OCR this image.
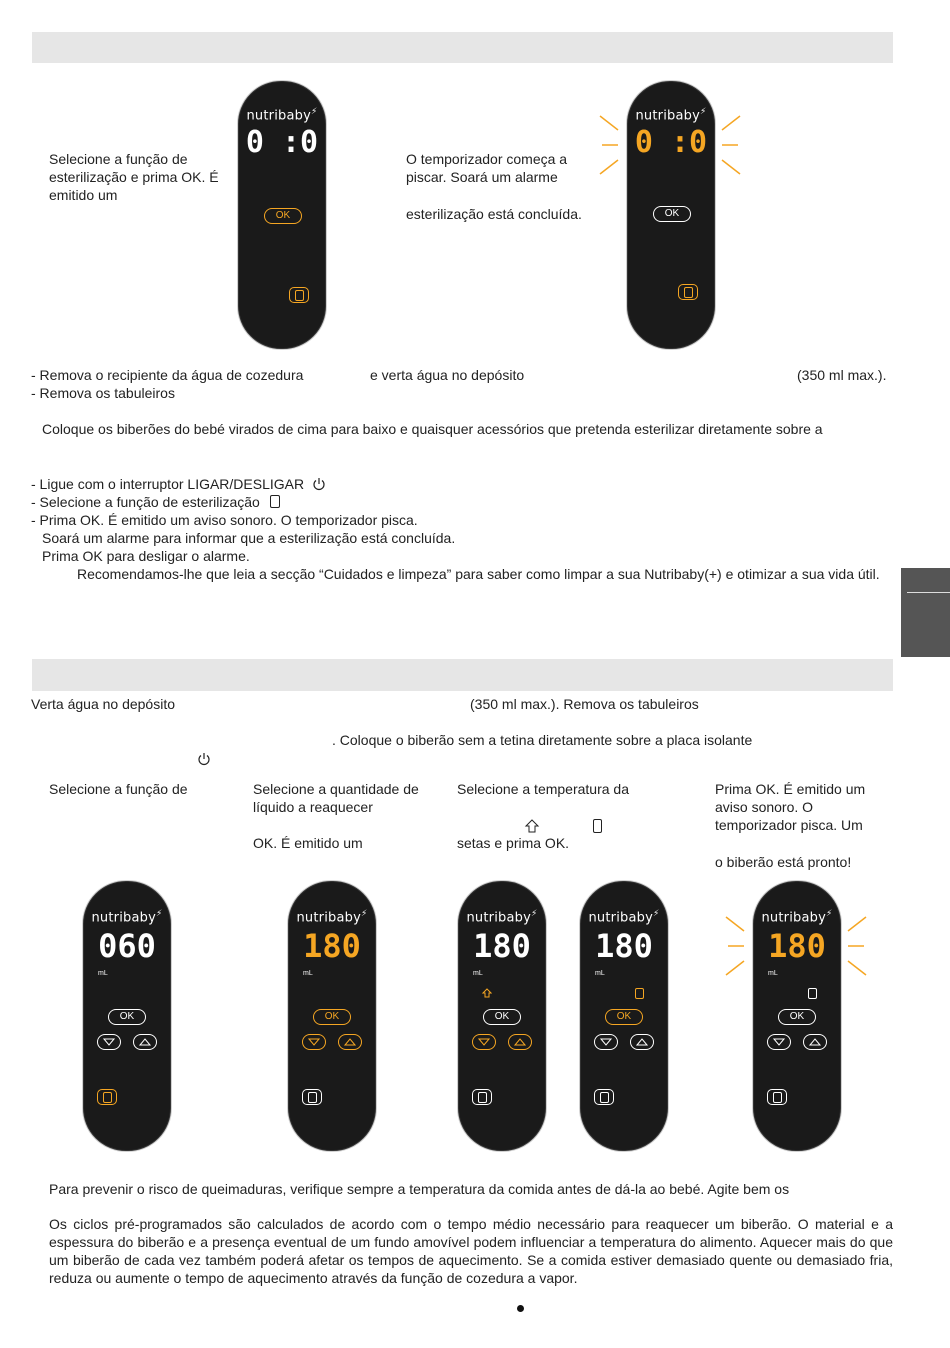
Selecione a função de esterilização e prima OK. É emitido um
O temporizador começa a piscar. Soará um alarme
esterilização está concluída.
nutribaby⚡
0 :0
OK
nutribaby⚡
0 :0
OK
- Remova o recipiente da água de cozedura	e verta água no depósito	(350 ml max.).
- Remova os tabuleiros
Coloque os biberões do bebé virados de cima para baixo e quaisquer acessórios que pretenda esterilizar diretamente sobre a
- Ligue com o interruptor LIGAR/DESLIGAR
- Selecione a função de esterilização
- Prima OK. É emitido um aviso sonoro. O temporizador pisca.
Soará um alarme para informar que a esterilização está concluída.
Prima OK para desligar o alarme.
Recomendamos-lhe que leia a secção “Cuidados e limpeza” para saber como limpar a sua Nutribaby(+) e otimizar a sua vida útil.
Verta água no depósito	(350 ml max.). Remova os tabuleiros
. Coloque o biberão sem a tetina diretamente sobre a placa isolante
Selecione a função de	Selecione a quantidade de líquido a reaquecer
OK. É emitido um
Selecione a temperatura da
setas e prima OK.
Prima OK. É emitido um aviso sonoro. O temporizador pisca. Um
o biberão está pronto!
nutribaby⚡
060
mL
OK
nutribaby⚡
180
mL
OK
nutribaby⚡
180
mL
OK
nutribaby⚡
180
mL
OK
nutribaby⚡
180
mL
OK
Para prevenir o risco de queimaduras, verifique sempre a temperatura da comida antes de dá-la ao bebé. Agite bem os
Os ciclos pré-programados são calculados de acordo com o tempo médio necessário para reaquecer um biberão. O material e a espessura do biberão e a presença eventual de um fundo amovível podem influenciar a temperatura do alimento. Aquecer mais do que um biberão de cada vez também poderá afetar os tempos de aquecimento. Se a comida estiver demasiado quente ou demasiado fria, reduza ou aumente o tempo de aquecimento através da função de cozedura a vapor.
